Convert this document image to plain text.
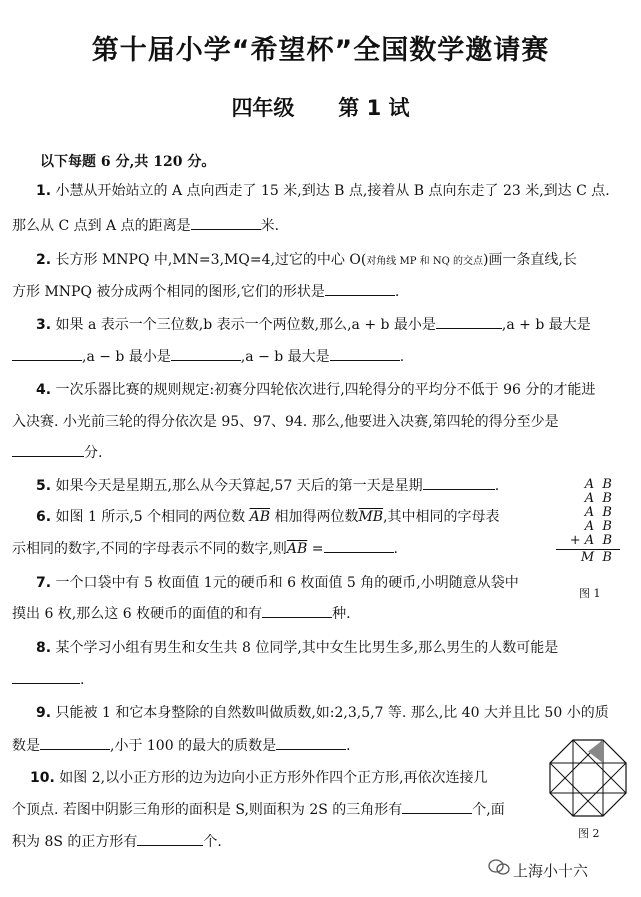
第十届小学“希望杯”全国数学邀请赛
四年级      第 1 试
以下每题 6 分,共 120 分。
1. 小慧从开始站立的 A 点向西走了 15 米,到达 B 点,接着从 B 点向东走了 23 米,到达 C 点.
那么从 C 点到 A 点的距离是	米.
2. 长方形 MNPQ 中,MN=3,MQ=4,过它的中心 O(对角线 MP 和 NQ 的交点)画一条直线,长
方形 MNPQ 被分成两个相同的图形,它们的形状是	.
3. 如果 a 表示一个三位数,b 表示一个两位数,那么,a + b 最小是	,a + b 最大是
,a − b 最小是	,a − b 最大是	.
4. 一次乐器比赛的规则规定:初赛分四轮依次进行,四轮得分的平均分不低于 96 分的才能进
入决赛. 小光前三轮的得分依次是 95、97、94. 那么,他要进入决赛,第四轮的得分至少是
分.
5. 如果今天是星期五,那么从今天算起,57 天后的第一天是星期	.
6. 如图 1 所示,5 个相同的两位数 $\overline{AB}$ 相加得两位数$\overline{MB}$,其中相同的字母表
示相同的数字,不同的字母表示不同的数字,则$\overline{AB}$ =	.
7. 一个口袋中有 5 枚面值 1元的硬币和 6 枚面值 5 角的硬币,小明随意从袋中
摸出 6 枚,那么这 6 枚硬币的面值的和有	种.
8. 某个学习小组有男生和女生共 8 位同学,其中女生比男生多,那么男生的人数可能是
.
9. 只能被 1 和它本身整除的自然数叫做质数,如:2,3,5,7 等. 那么,比 40 大并且比 50 小的质
数是	,小于 100 的最大的质数是	.
10. 如图 2,以小正方形的边为边向小正方形外作四个正方形,再依次连接几
个顶点. 若图中阴影三角形的面积是 S,则面积为 2S 的三角形有	个,面
积为 8S 的正方形有	个.
A  B
A  B
A  B
A  B
+ A  B
M  B
图 1
图 2
上海小十六
